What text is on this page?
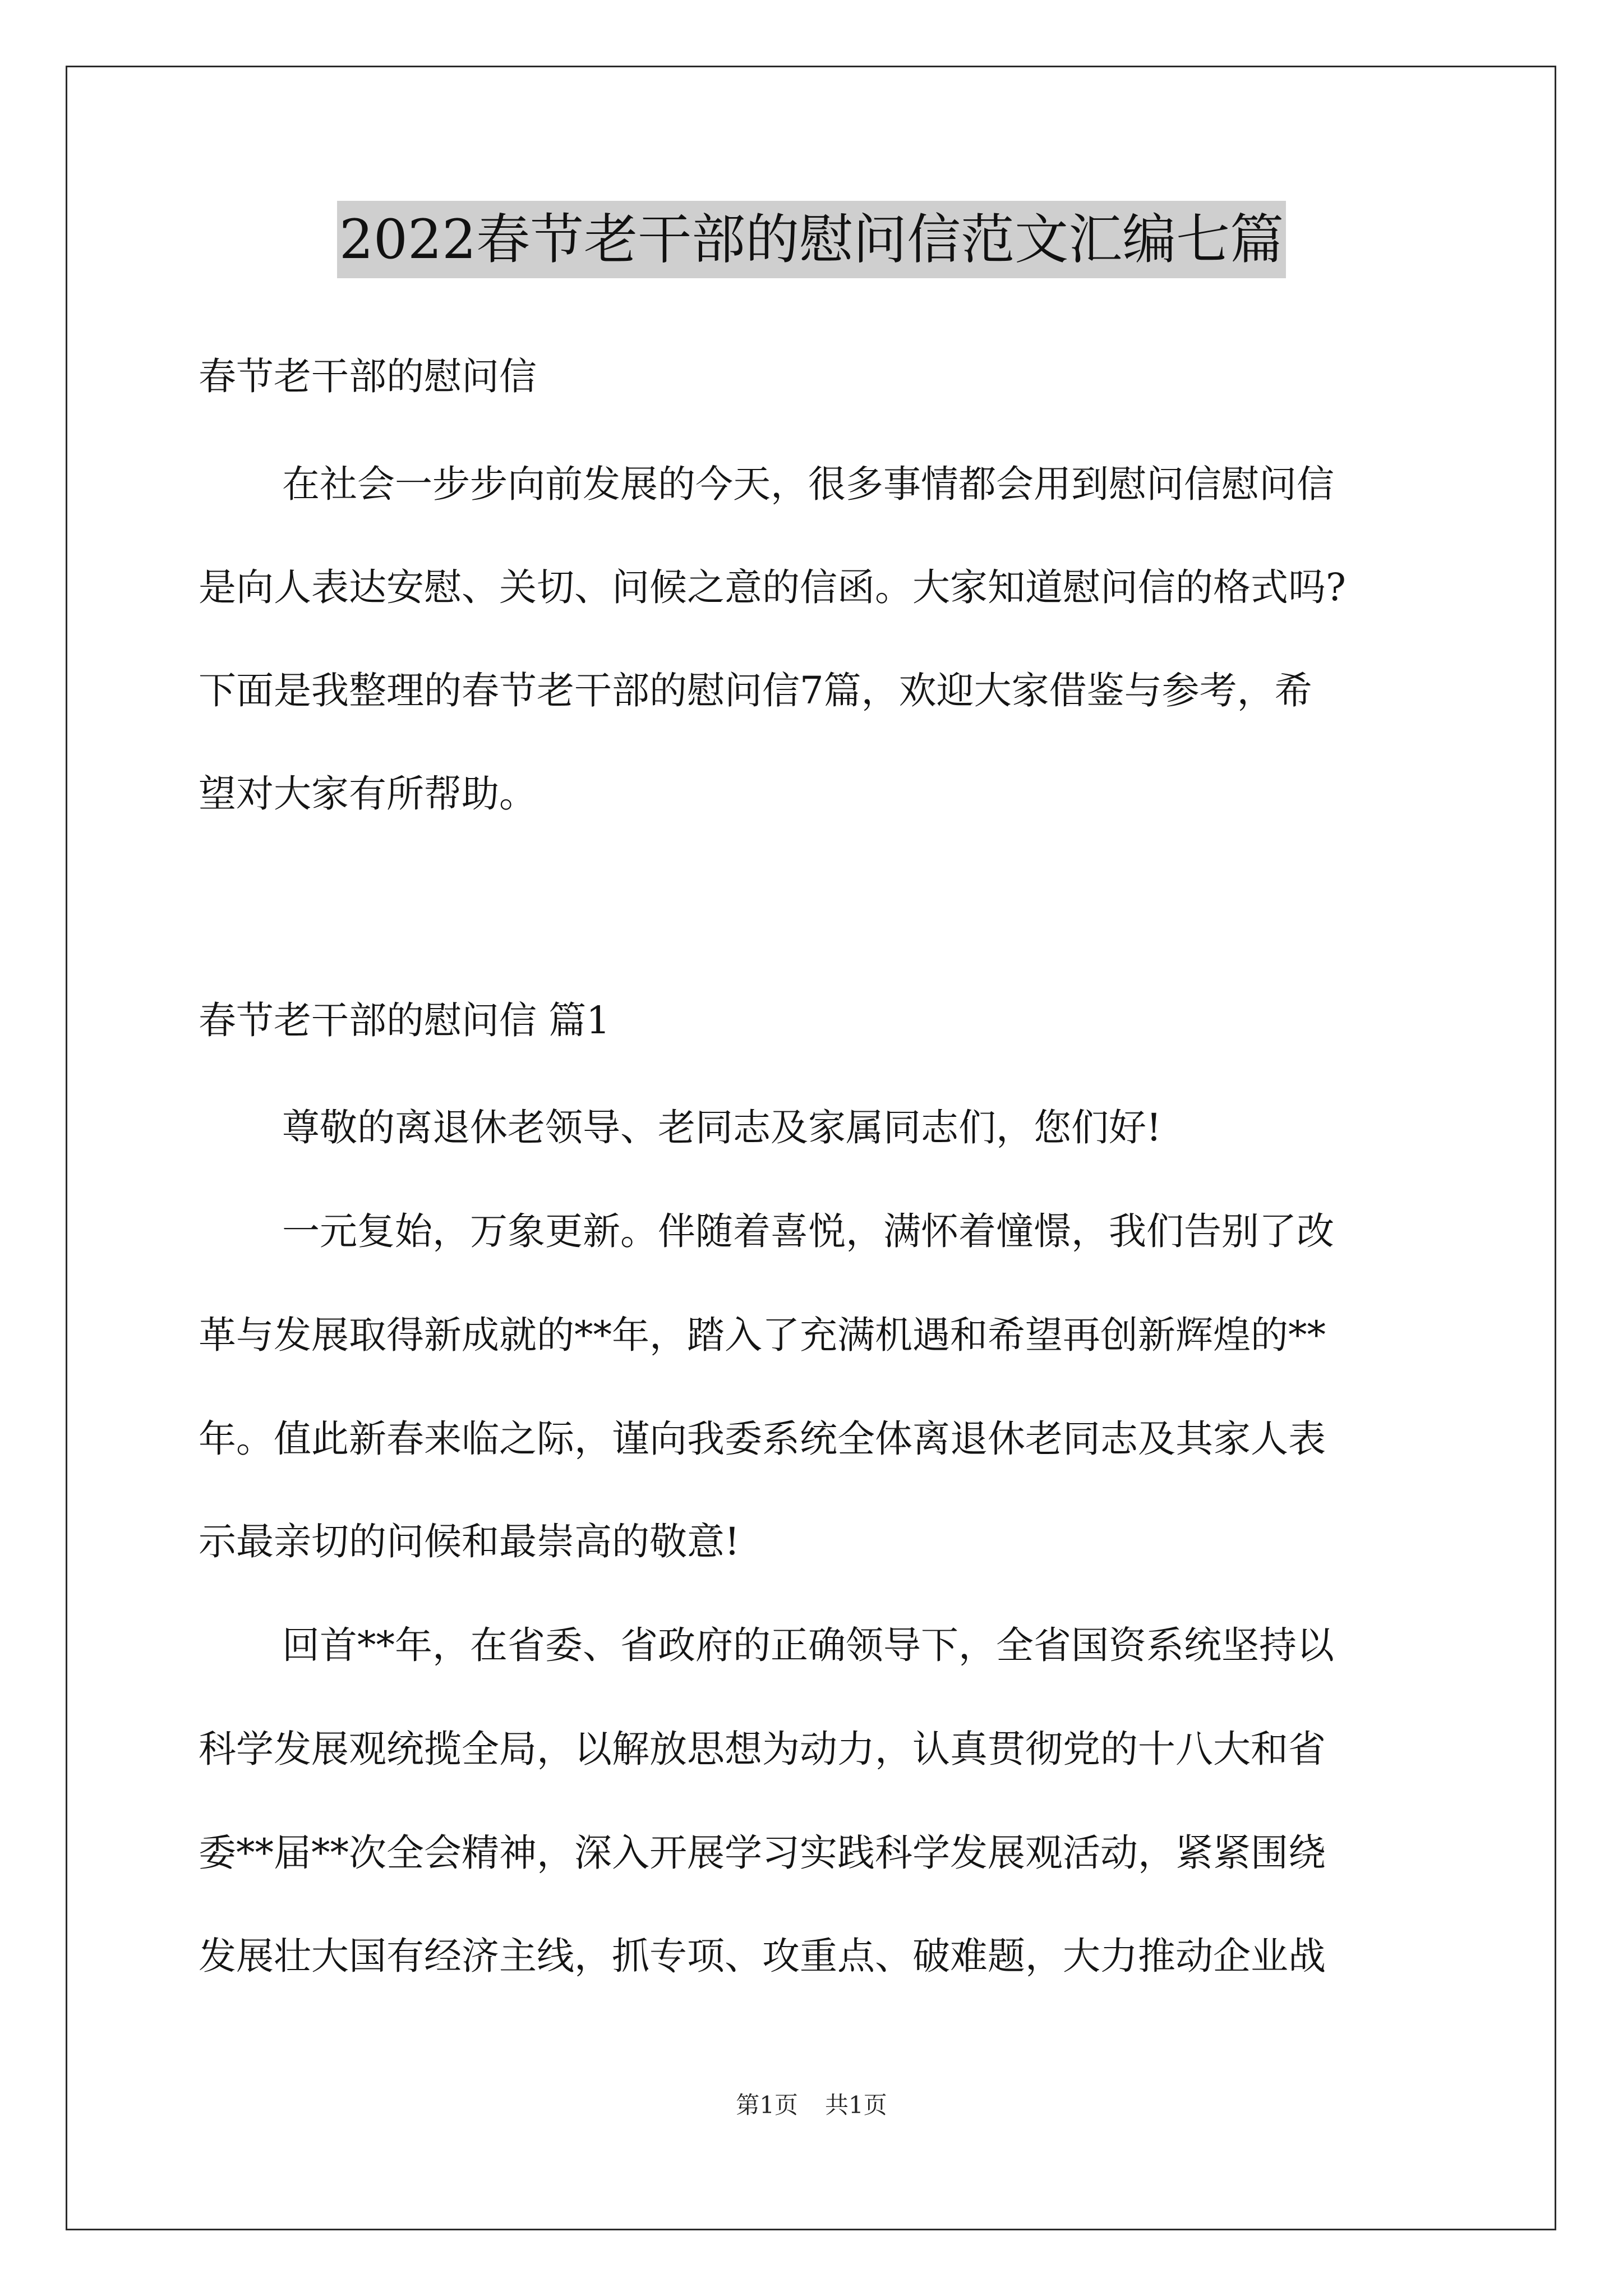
2022春节老干部的慰问信范文汇编七篇
春节老干部的慰问信
在社会一步步向前发展的今天，很多事情都会用到慰问信慰问信
是向人表达安慰、关切、问候之意的信函。大家知道慰问信的格式吗?
下面是我整理的春节老干部的慰问信7篇，欢迎大家借鉴与参考，希
望对大家有所帮助。
春节老干部的慰问信 篇1
尊敬的离退休老领导、老同志及家属同志们，您们好!
一元复始，万象更新。伴随着喜悦，满怀着憧憬，我们告别了改
革与发展取得新成就的**年，踏入了充满机遇和希望再创新辉煌的**
年。值此新春来临之际，谨向我委系统全体离退休老同志及其家人表
示最亲切的问候和最崇高的敬意!
回首**年，在省委、省政府的正确领导下，全省国资系统坚持以
科学发展观统揽全局，以解放思想为动力，认真贯彻党的十八大和省
委**届**次全会精神，深入开展学习实践科学发展观活动，紧紧围绕
发展壮大国有经济主线，抓专项、攻重点、破难题，大力推动企业战
第1页 共1页
